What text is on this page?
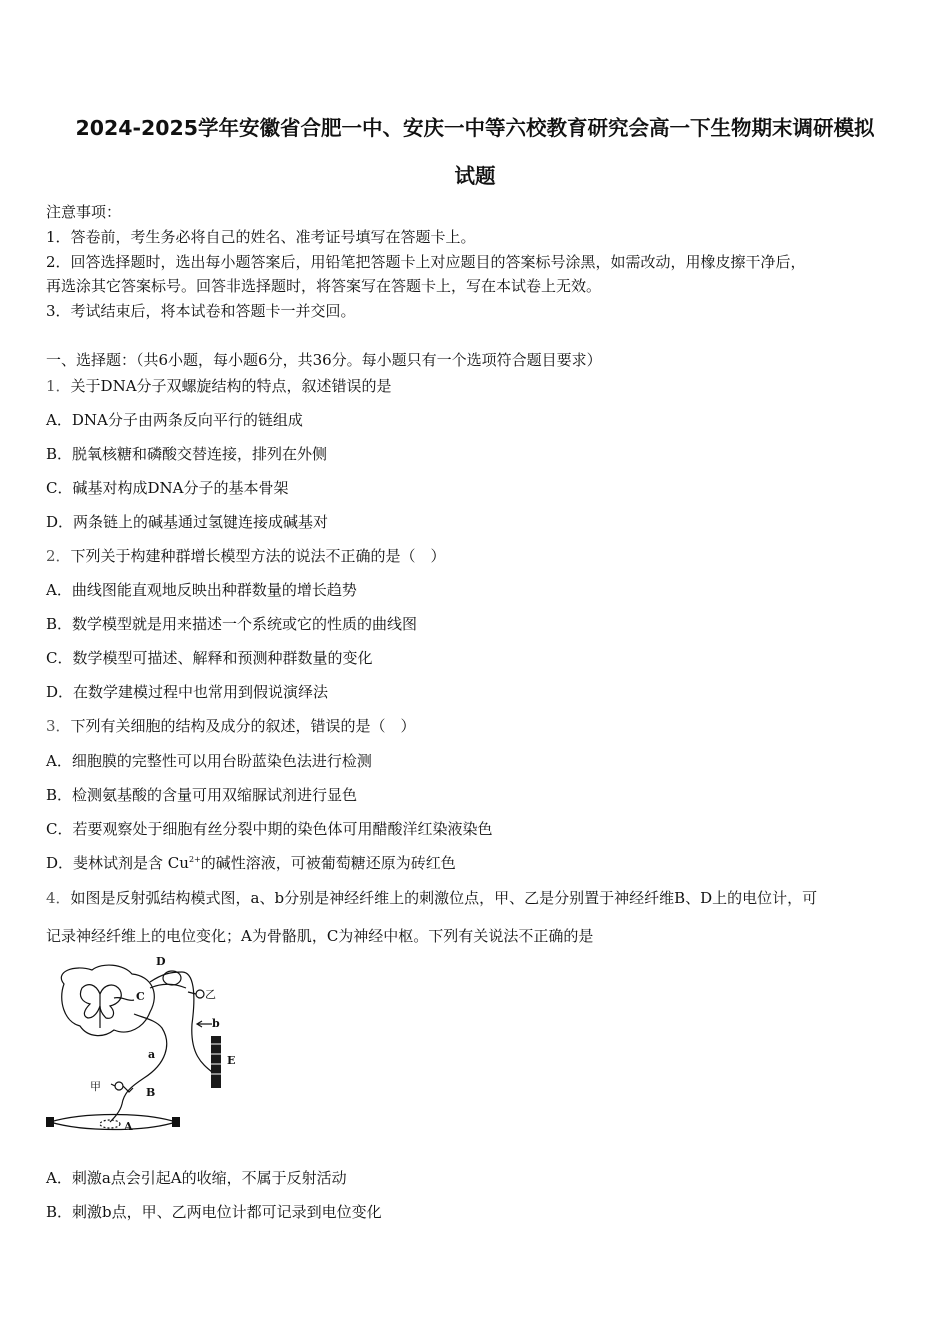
2024-2025学年安徽省合肥一中、安庆一中等六校教育研究会高一下生物期末调研模拟
试题
注意事项：
1．答卷前，考生务必将自己的姓名、准考证号填写在答题卡上。
2．回答选择题时，选出每小题答案后，用铅笔把答题卡上对应题目的答案标号涂黑，如需改动，用橡皮擦干净后，
再选涂其它答案标号。回答非选择题时，将答案写在答题卡上，写在本试卷上无效。
3．考试结束后，将本试卷和答题卡一并交回。
一、选择题：（共6小题，每小题6分，共36分。每小题只有一个选项符合题目要求）
1．关于DNA分子双螺旋结构的特点，叙述错误的是
A．DNA分子由两条反向平行的链组成
B．脱氧核糖和磷酸交替连接，排列在外侧
C．碱基对构成DNA分子的基本骨架
D．两条链上的碱基通过氢键连接成碱基对
2．下列关于构建种群增长模型方法的说法不正确的是（　）
A．曲线图能直观地反映出种群数量的增长趋势
B．数学模型就是用来描述一个系统或它的性质的曲线图
C．数学模型可描述、解释和预测种群数量的变化
D．在数学建模过程中也常用到假说演绎法
3．下列有关细胞的结构及成分的叙述，错误的是（　）
A．细胞膜的完整性可以用台盼蓝染色法进行检测
B．检测氨基酸的含量可用双缩脲试剂进行显色
C．若要观察处于细胞有丝分裂中期的染色体可用醋酸洋红染液染色
D．斐林试剂是含 $Cu^{2+}$的碱性溶液，可被葡萄糖还原为砖红色
4．如图是反射弧结构模式图，a、b分别是神经纤维上的刺激位点，甲、乙是分别置于神经纤维B、D上的电位计，可
记录神经纤维上的电位变化；A为骨骼肌，C为神经中枢。下列有关说法不正确的是
D
C	乙
b
E
a
甲	B
A
A．刺激a点会引起A的收缩，不属于反射活动
B．刺激b点，甲、乙两电位计都可记录到电位变化
